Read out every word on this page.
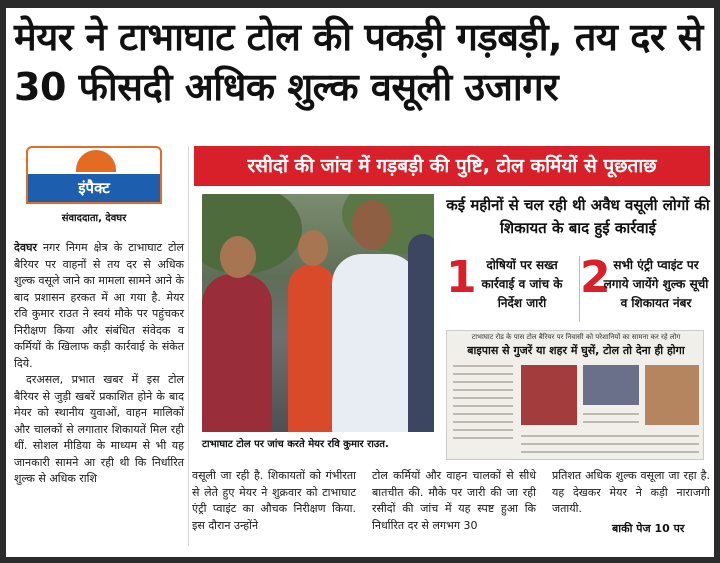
मेयर ने टाभाघाट टोल की पकड़ी गड़बड़ी, तय दर से 30 फीसदी अधिक शुल्क वसूली उजागर
इंपैक्ट
संवाददाता, देवघर
रसीदों की जांच में गड़बड़ी की पुष्टि, टोल कर्मियों से पूछताछ
देवघर नगर निगम क्षेत्र के टाभाघाट टोल बैरियर पर वाहनों से तय दर से अधिक शुल्क वसूले जाने का मामला सामने आने के बाद प्रशासन हरकत में आ गया है. मेयर रवि कुमार राउत ने स्वयं मौके पर पहुंचकर निरीक्षण किया और संबंधित संवेदक व कर्मियों के खिलाफ कड़ी कार्रवाई के संकेत दिये.
दरअसल, प्रभात खबर में इस टोल बैरियर से जुड़ी खबरें प्रकाशित होने के बाद मेयर को स्थानीय युवाओं, वाहन मालिकों और चालकों से लगातार शिकायतें मिल रही थीं. सोशल मीडिया के माध्यम से भी यह जानकारी सामने आ रही थी कि निर्धारित शुल्क से अधिक राशि
टाभाघाट टोल पर जांच करते मेयर रवि कुमार राउत.
कई महीनों से चल रही थी अवैध वसूली लोगों की शिकायत के बाद हुई कार्रवाई
1 दोषियों पर सख्त कार्रवाई व जांच के निर्देश जारी 2 सभी एंट्री प्वाइंट पर लगाये जायेंगे शुल्क सूची व शिकायत नंबर
टाभाघाट रोड के पास टोल बैरियर पर निवासी को परेशानियों का सामना कर रहे लोग
बाइपास से गुजरें या शहर में घुसें, टोल तो देना ही होगा
वसूली जा रही है. शिकायतों को गंभीरता से लेते हुए मेयर ने शुक्रवार को टाभाघाट एंट्री प्वाइंट का औचक निरीक्षण किया. इस दौरान उन्होंने
टोल कर्मियों और वाहन चालकों से सीधे बातचीत की. मौके पर जारी की जा रही रसीदों की जांच में यह स्पष्ट हुआ कि निर्धारित दर से लगभग 30
प्रतिशत अधिक शुल्क वसूला जा रहा है. यह देखकर मेयर ने कड़ी नाराजगी जतायी.
बाकी पेज 10 पर
